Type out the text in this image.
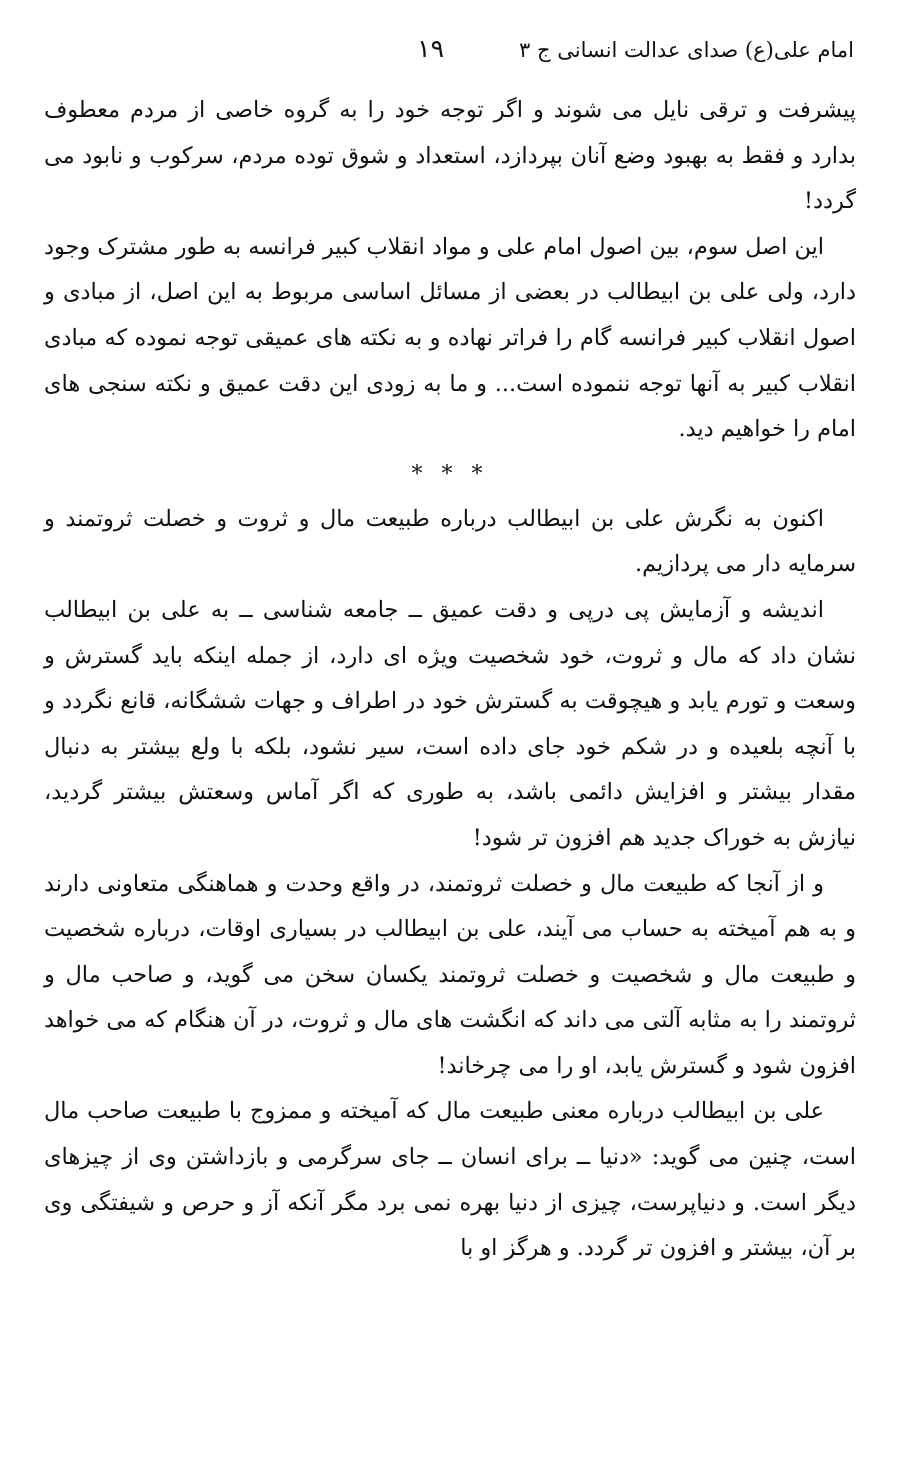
امام علی(ع) صدای عدالت انسانی ج ۳
۱۹

پیشرفت و ترقی نایل می شوند و اگر توجه خود را به گروه خاصی از مردم معطوف بدارد و فقط به بهبود وضع آنان بپردازد، استعداد و شوق توده مردم، سرکوب و نابود می گردد!

این اصل سوم، بین اصول امام علی و مواد انقلاب کبیر فرانسه به طور مشترک وجود دارد، ولی علی بن ابیطالب در بعضی از مسائل اساسی مربوط به این اصل، از مبادی و اصول انقلاب کبیر فرانسه گام را فراتر نهاده و به نکته های عمیقی توجه نموده که مبادی انقلاب کبیر به آنها توجه ننموده است... و ما به زودی این دقت عمیق و نکته سنجی های امام را خواهیم دید.

* * *

اکنون به نگرش علی بن ابیطالب درباره طبیعت مال و ثروت و خصلت ثروتمند و سرمایه دار می پردازیم.

اندیشه و آزمایش پی درپی و دقت عمیق ــ جامعه شناسی ــ به علی بن ابیطالب نشان داد که مال و ثروت، خود شخصیت ویژه ای دارد، از جمله اینکه باید گسترش و وسعت و تورم یابد و هیچوقت به گسترش خود در اطراف و جهات ششگانه، قانع نگردد و با آنچه بلعیده و در شکم خود جای داده است، سیر نشود، بلکه با ولع بیشتر به دنبال مقدار بیشتر و افزایش دائمی باشد، به طوری که اگر آماس وسعتش بیشتر گردید، نیازش به خوراک جدید هم افزون تر شود!

و از آنجا که طبیعت مال و خصلت ثروتمند، در واقع وحدت و هماهنگی متعاونی دارند و به هم آمیخته به حساب می آیند، علی بن ابیطالب در بسیاری اوقات، درباره شخصیت و طبیعت مال و شخصیت و خصلت ثروتمند یکسان سخن می گوید، و صاحب مال و ثروتمند را به مثابه آلتی می داند که انگشت های مال و ثروت، در آن هنگام که می خواهد افزون شود و گسترش یابد، او را می چرخاند!

علی بن ابیطالب درباره معنی طبیعت مال که آمیخته و ممزوج با طبیعت صاحب مال است، چنین می گوید: «دنیا ــ برای انسان ــ جای سرگرمی و بازداشتن وی از چیزهای دیگر است. و دنیاپرست، چیزی از دنیا بهره نمی برد مگر آنکه آز و حرص و شیفتگی وی بر آن، بیشتر و افزون تر گردد. و هرگز او با
